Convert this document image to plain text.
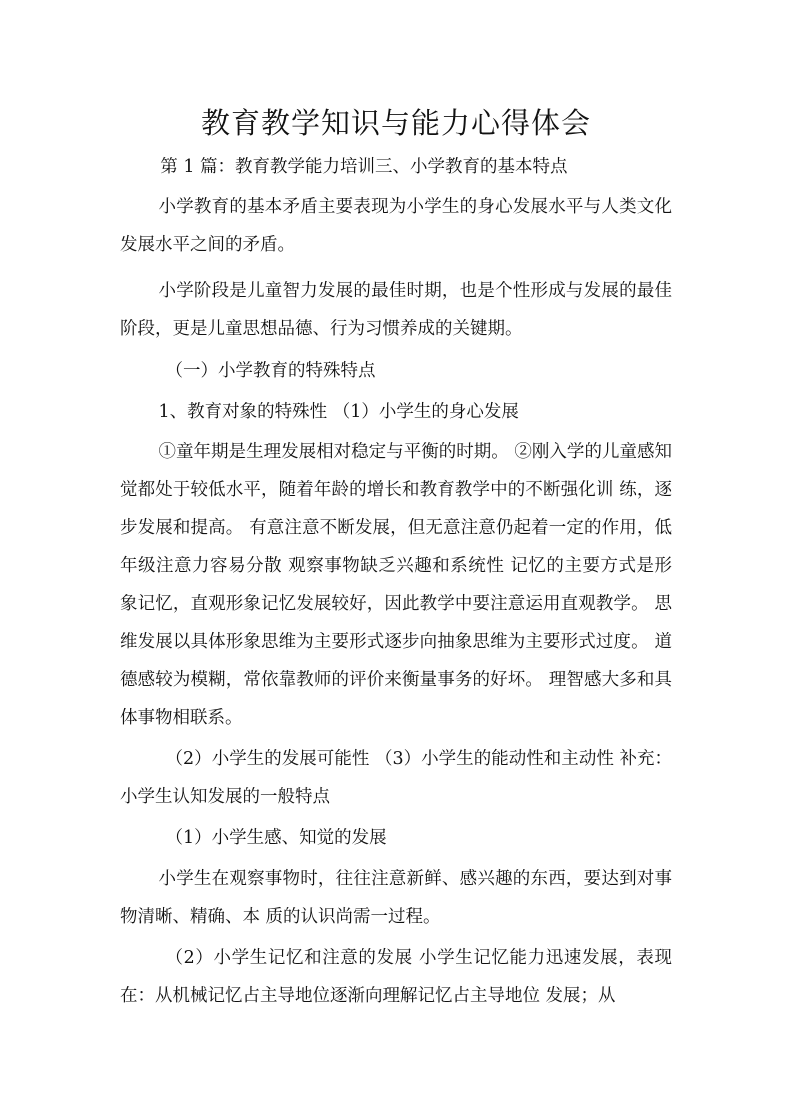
教育教学知识与能力心得体会

第 1 篇：教育教学能力培训三、小学教育的基本特点

小学教育的基本矛盾主要表现为小学生的身心发展水平与人类文化发展水平之间的矛盾。

小学阶段是儿童智力发展的最佳时期，也是个性形成与发展的最佳阶段，更是儿童思想品德、行为习惯养成的关键期。

（一）小学教育的特殊特点

1、教育对象的特殊性 （1）小学生的身心发展

①童年期是生理发展相对稳定与平衡的时期。 ②刚入学的儿童感知觉都处于较低水平，随着年龄的增长和教育教学中的不断强化训 练，逐步发展和提高。 有意注意不断发展，但无意注意仍起着一定的作用，低年级注意力容易分散 观察事物缺乏兴趣和系统性 记忆的主要方式是形象记忆，直观形象记忆发展较好，因此教学中要注意运用直观教学。 思维发展以具体形象思维为主要形式逐步向抽象思维为主要形式过度。 道德感较为模糊，常依靠教师的评价来衡量事务的好坏。 理智感大多和具体事物相联系。

（2）小学生的发展可能性 （3）小学生的能动性和主动性 补充：小学生认知发展的一般特点

（1）小学生感、知觉的发展

小学生在观察事物时，往往注意新鲜、感兴趣的东西，要达到对事物清晰、精确、本 质的认识尚需一过程。

（2）小学生记忆和注意的发展 小学生记忆能力迅速发展，表现在：从机械记忆占主导地位逐渐向理解记忆占主导地位 发展；从
